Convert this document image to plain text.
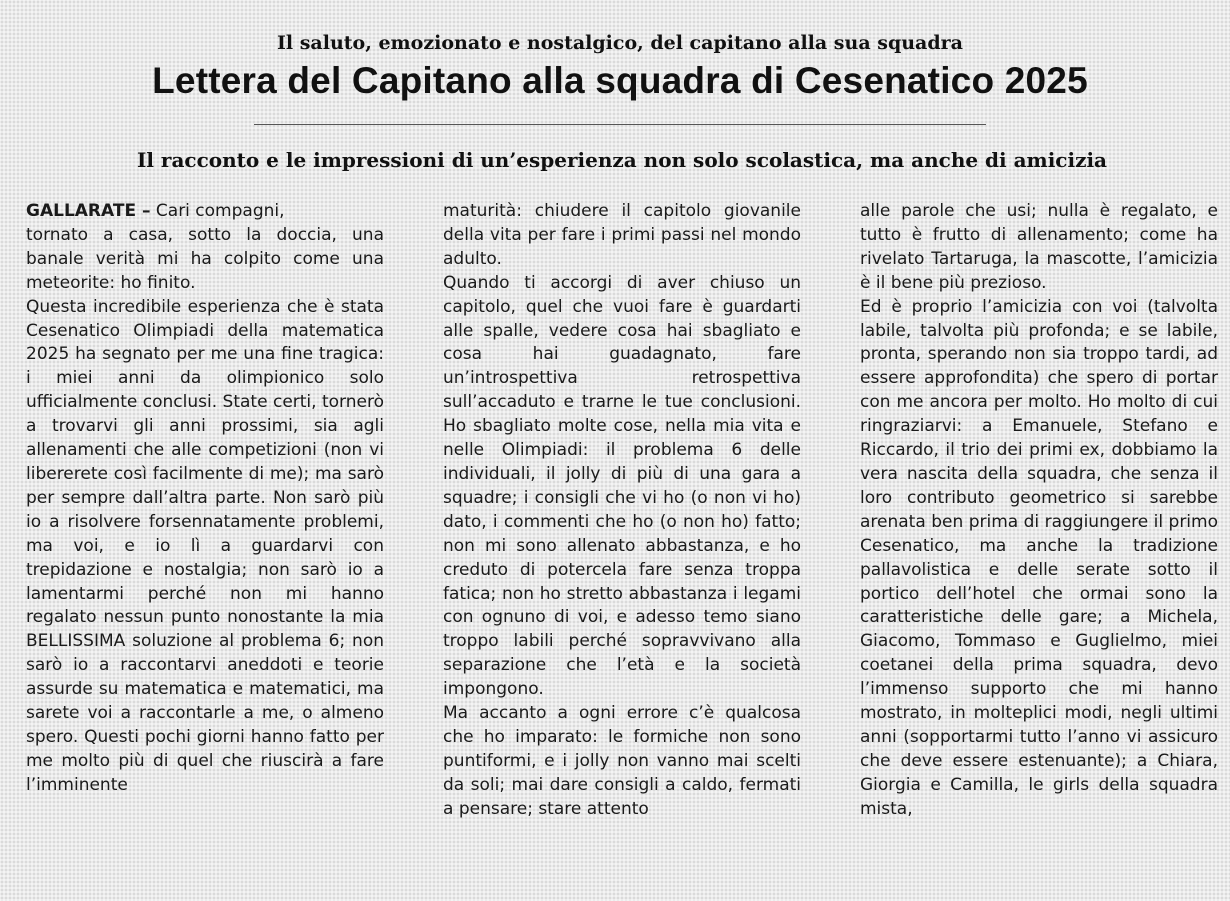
Il saluto, emozionato e nostalgico, del capitano alla sua squadra
Lettera del Capitano alla squadra di Cesenatico 2025
Il racconto e le impressioni di un’esperienza non solo scolastica, ma anche di amicizia

GALLARATE – Cari compagni,

tornato a casa, sotto la doccia, una banale verità mi ha colpito come una meteorite: ho finito.

Questa incredibile esperienza che è stata Cesenatico Olimpiadi della matematica 2025 ha segnato per me una fine tragica: i miei anni da olimpionico solo ufficialmente conclusi. State certi, tornerò a trovarvi gli anni prossimi, sia agli allenamenti che alle competizioni (non vi libererete così facilmente di me); ma sarò per sempre dall’altra parte. Non sarò più io a risolvere forsennatamente problemi, ma voi, e io lì a guardarvi con trepidazione e nostalgia; non sarò io a lamentarmi perché non mi hanno regalato nessun punto nonostante la mia BELLISSIMA soluzione al problema 6; non sarò io a raccontarvi aneddoti e teorie assurde su matematica e matematici, ma sarete voi a raccontarle a me, o almeno spero. Questi pochi giorni hanno fatto per me molto più di quel che riuscirà a fare l’imminente

maturità: chiudere il capitolo giovanile della vita per fare i primi passi nel mondo adulto.

Quando ti accorgi di aver chiuso un capitolo, quel che vuoi fare è guardarti alle spalle, vedere cosa hai sbagliato e cosa hai guadagnato, fare un’introspettiva retrospettiva sull’accaduto e trarne le tue conclusioni. Ho sbagliato molte cose, nella mia vita e nelle Olimpiadi: il problema 6 delle individuali, il jolly di più di una gara a squadre; i consigli che vi ho (o non vi ho) dato, i commenti che ho (o non ho) fatto; non mi sono allenato abbastanza, e ho creduto di potercela fare senza troppa fatica; non ho stretto abbastanza i legami con ognuno di voi, e adesso temo siano troppo labili perché sopravvivano alla separazione che l’età e la società impongono.

Ma accanto a ogni errore c’è qualcosa che ho imparato: le formiche non sono puntiformi, e i jolly non vanno mai scelti da soli; mai dare consigli a caldo, fermati a pensare; stare attento

alle parole che usi; nulla è regalato, e tutto è frutto di allenamento; come ha rivelato Tartaruga, la mascotte, l’amicizia è il bene più prezioso.

Ed è proprio l’amicizia con voi (talvolta labile, talvolta più profonda; e se labile, pronta, sperando non sia troppo tardi, ad essere approfondita) che spero di portar con me ancora per molto. Ho molto di cui ringraziarvi: a Emanuele, Stefano e Riccardo, il trio dei primi ex, dobbiamo la vera nascita della squadra, che senza il loro contributo geometrico si sarebbe arenata ben prima di raggiungere il primo Cesenatico, ma anche la tradizione pallavolistica e delle serate sotto il portico dell’hotel che ormai sono la caratteristiche delle gare; a Michela, Giacomo, Tommaso e Guglielmo, miei coetanei della prima squadra, devo l’immenso supporto che mi hanno mostrato, in molteplici modi, negli ultimi anni (sopportarmi tutto l’anno vi assicuro che deve essere estenuante); a Chiara, Giorgia e Camilla, le girls della squadra mista,
